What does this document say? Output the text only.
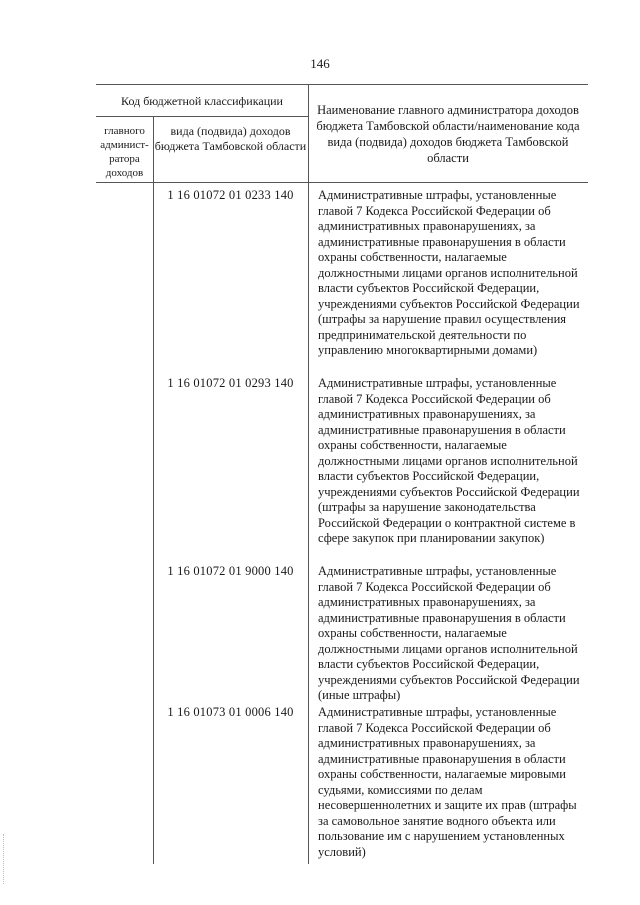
146
Код бюджетной классификации
главного админист-ратора доходов
вида (подвида) доходов бюджета Тамбовской области
Наименование главного администратора доходов бюджета Тамбовской области/наименование кода вида (подвида) доходов бюджета Тамбовской области
1 16 01072 01 0233 140	Административные штрафы, установленные главой 7 Кодекса Российской Федерации об административных правонарушениях, за административные правонарушения в области охраны собственности, налагаемые должностными лицами органов исполнительной власти субъектов Российской Федерации, учреждениями субъектов Российской Федерации (штрафы за нарушение правил осуществления предпринимательской деятельности по управлению многоквартирными домами)
1 16 01072 01 0293 140	Административные штрафы, установленные главой 7 Кодекса Российской Федерации об административных правонарушениях, за административные правонарушения в области охраны собственности, налагаемые должностными лицами органов исполнительной власти субъектов Российской Федерации, учреждениями субъектов Российской Федерации (штрафы за нарушение законодательства Российской Федерации о контрактной системе в сфере закупок при планировании закупок)
1 16 01072 01 9000 140	Административные штрафы, установленные главой 7 Кодекса Российской Федерации об административных правонарушениях, за административные правонарушения в области охраны собственности, налагаемые должностными лицами органов исполнительной власти субъектов Российской Федерации, учреждениями субъектов Российской Федерации (иные штрафы)
1 16 01073 01 0006 140	Административные штрафы, установленные главой 7 Кодекса Российской Федерации об административных правонарушениях, за административные правонарушения в области охраны собственности, налагаемые мировыми судьями, комиссиями по делам несовершеннолетних и защите их прав (штрафы за самовольное занятие водного объекта или пользование им с нарушением установленных условий)
